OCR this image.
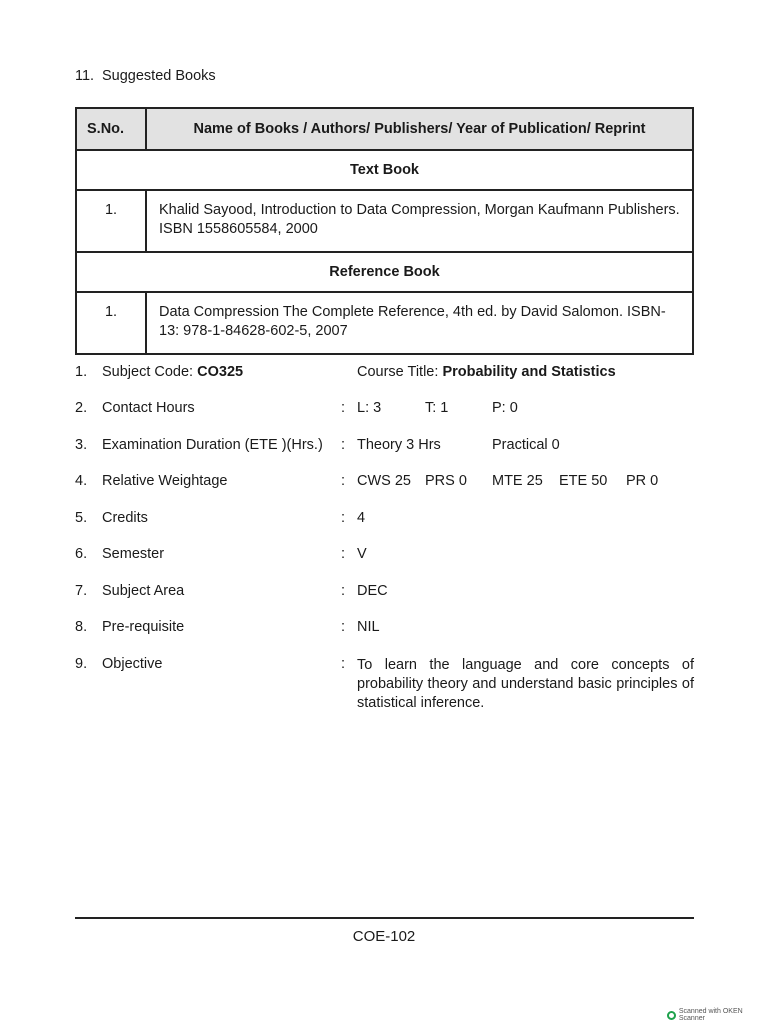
11. Suggested Books
S.No.	Name of Books / Authors/ Publishers/ Year of Publication/ Reprint
Text Book	
1.	Khalid Sayood, Introduction to Data Compression, Morgan Kaufmann Publishers.
ISBN 1558605584, 2000

Reference Book	
1.	Data Compression The Complete Reference, 4th ed. by David Salomon. ISBN-
13: 978-1-84628-602-5, 2007
1. Subject Code: CO325	Course Title: Probability and Statistics
2. Contact Hours	: L: 3	T: 1	P: 0
3. Examination Duration (ETE )(Hrs.) : Theory 3 Hrs	Practical 0
4. Relative Weightage	: CWS 25 PRS 0 MTE 25 ETE 50 PR 0
5. Credits	: 4
6. Semester	: V
7. Subject Area	: DEC
8. Pre-requisite	: NIL
9. Objective	: To learn the language and core concepts of probability theory and understand basic principles of statistical inference.
COE-102
Scanned with OKEN Scanner
